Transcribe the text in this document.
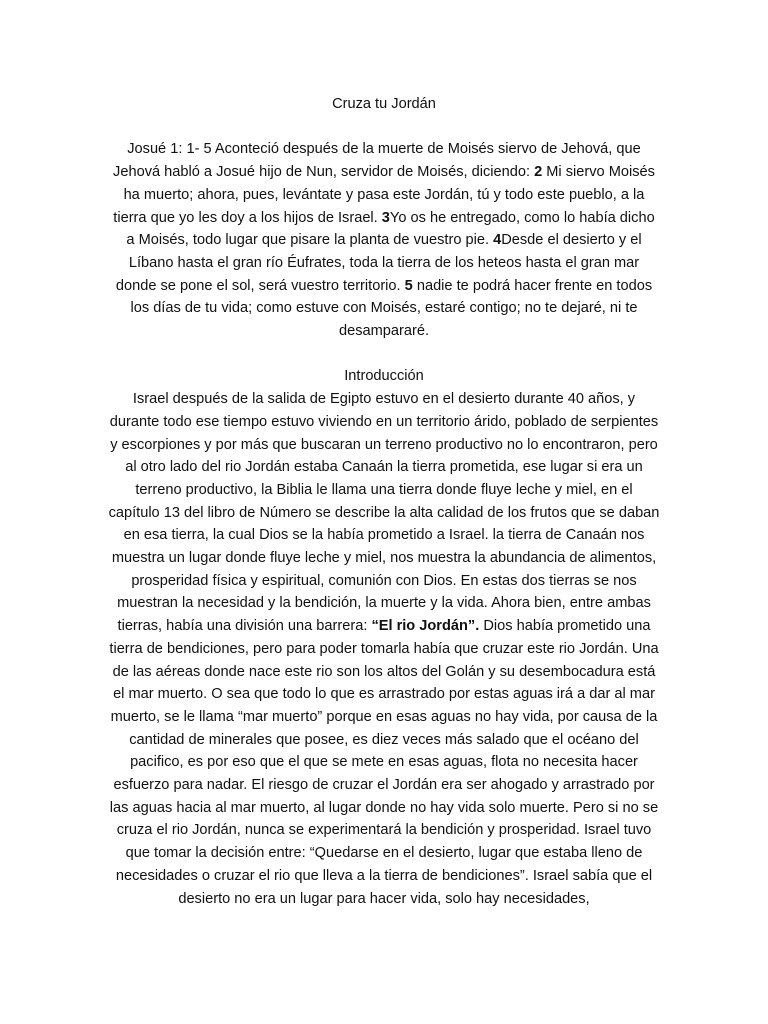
Cruza tu Jordán

Josué 1: 1- 5 Aconteció después de la muerte de Moisés siervo de Jehová, que Jehová habló a Josué hijo de Nun, servidor de Moisés, diciendo: 2 Mi siervo Moisés ha muerto; ahora, pues, levántate y pasa este Jordán, tú y todo este pueblo, a la tierra que yo les doy a los hijos de Israel. 3Yo os he entregado, como lo había dicho a Moisés, todo lugar que pisare la planta de vuestro pie. 4Desde el desierto y el Líbano hasta el gran río Éufrates, toda la tierra de los heteos hasta el gran mar donde se pone el sol, será vuestro territorio. 5 nadie te podrá hacer frente en todos los días de tu vida; como estuve con Moisés, estaré contigo; no te dejaré, ni te desampararé.

Introducción

Israel después de la salida de Egipto estuvo en el desierto durante 40 años, y durante todo ese tiempo estuvo viviendo en un territorio árido, poblado de serpientes y escorpiones y por más que buscaran un terreno productivo no lo encontraron, pero al otro lado del rio Jordán estaba Canaán la tierra prometida, ese lugar si era un terreno productivo, la Biblia le llama una tierra donde fluye leche y miel, en el capítulo 13 del libro de Número se describe la alta calidad de los frutos que se daban en esa tierra, la cual Dios se la había prometido a Israel. la tierra de Canaán nos muestra un lugar donde fluye leche y miel, nos muestra la abundancia de alimentos, prosperidad física y espiritual, comunión con Dios. En estas dos tierras se nos muestran la necesidad y la bendición, la muerte y la vida. Ahora bien, entre ambas tierras, había una división una barrera: “El rio Jordán”. Dios había prometido una tierra de bendiciones, pero para poder tomarla había que cruzar este rio Jordán. Una de las aéreas donde nace este rio son los altos del Golán y su desembocadura está el mar muerto. O sea que todo lo que es arrastrado por estas aguas irá a dar al mar muerto, se le llama “mar muerto” porque en esas aguas no hay vida, por causa de la cantidad de minerales que posee, es diez veces más salado que el océano del pacifico, es por eso que el que se mete en esas aguas, flota no necesita hacer esfuerzo para nadar. El riesgo de cruzar el Jordán era ser ahogado y arrastrado por las aguas hacia al mar muerto, al lugar donde no hay vida solo muerte. Pero si no se cruza el rio Jordán, nunca se experimentará la bendición y prosperidad. Israel tuvo que tomar la decisión entre: “Quedarse en el desierto, lugar que estaba lleno de necesidades o cruzar el rio que lleva a la tierra de bendiciones”. Israel sabía que el desierto no era un lugar para hacer vida, solo hay necesidades,
